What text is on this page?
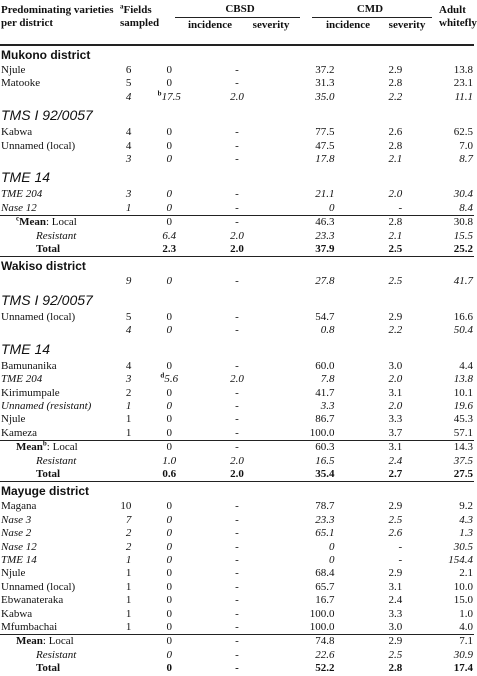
Predominating varieties per district
$^a$Fields sampled
CBSD
incidence	severity
CMD
incidence	severity
Adult whitefly
Mukono district						
Njule	6	0	-	37.2	2.9	13.8
Matooke	5	0	-	31.3	2.8	23.1
	4	$^b$17.5	2.0	35.0	2.2	11.1
TMS I 92/0057						
Kabwa	4	0	-	77.5	2.6	62.5
Unnamed (local)	4	0	-	47.5	2.8	7.0
	3	0	-	17.8	2.1	8.7
TME 14						
TME 204	3	0	-	21.1	2.0	30.4
Nase 12	1	0	-	0	-	8.4
$^c$Mean: Local		0	-	46.3	2.8	30.8
Resistant		6.4	2.0	23.3	2.1	15.5
Total		2.3	2.0	37.9	2.5	25.2
Wakiso district						
	9	0	-	27.8	2.5	41.7
TMS I 92/0057						
Unnamed (local)	5	0	-	54.7	2.9	16.6
	4	0	-	0.8	2.2	50.4
TME 14						
Bamunanika	4	0	-	60.0	3.0	4.4
TME 204	3	$^d$5.6	2.0	7.8	2.0	13.8
Kirimumpale	2	0	-	41.7	3.1	10.1
Unnamed (resistant)	1	0	-	3.3	2.0	19.6
Njule	1	0	-	86.7	3.3	45.3
Kameza	1	0	-	100.0	3.7	57.1
Mean$^b$: Local		0	-	60.3	3.1	14.3
Resistant		1.0	2.0	16.5	2.4	37.5
Total		0.6	2.0	35.4	2.7	27.5
Mayuge district						
Magana	10	0	-	78.7	2.9	9.2
Nase 3	7	0	-	23.3	2.5	4.3
Nase 2	2	0	-	65.1	2.6	1.3
Nase 12	2	0	-	0	-	30.5
TME 14	1	0	-	0	-	154.4
Njule	1	0	-	68.4	2.9	2.1
Unnamed (local)	1	0	-	65.7	3.1	10.0
Ebwanateraka	1	0	-	16.7	2.4	15.0
Kabwa	1	0	-	100.0	3.3	1.0
Mfumbachai	1	0	-	100.0	3.0	4.0
Mean: Local		0	-	74.8	2.9	7.1
Resistant		0	-	22.6	2.5	30.9
Total		0	-	52.2	2.8	17.4
